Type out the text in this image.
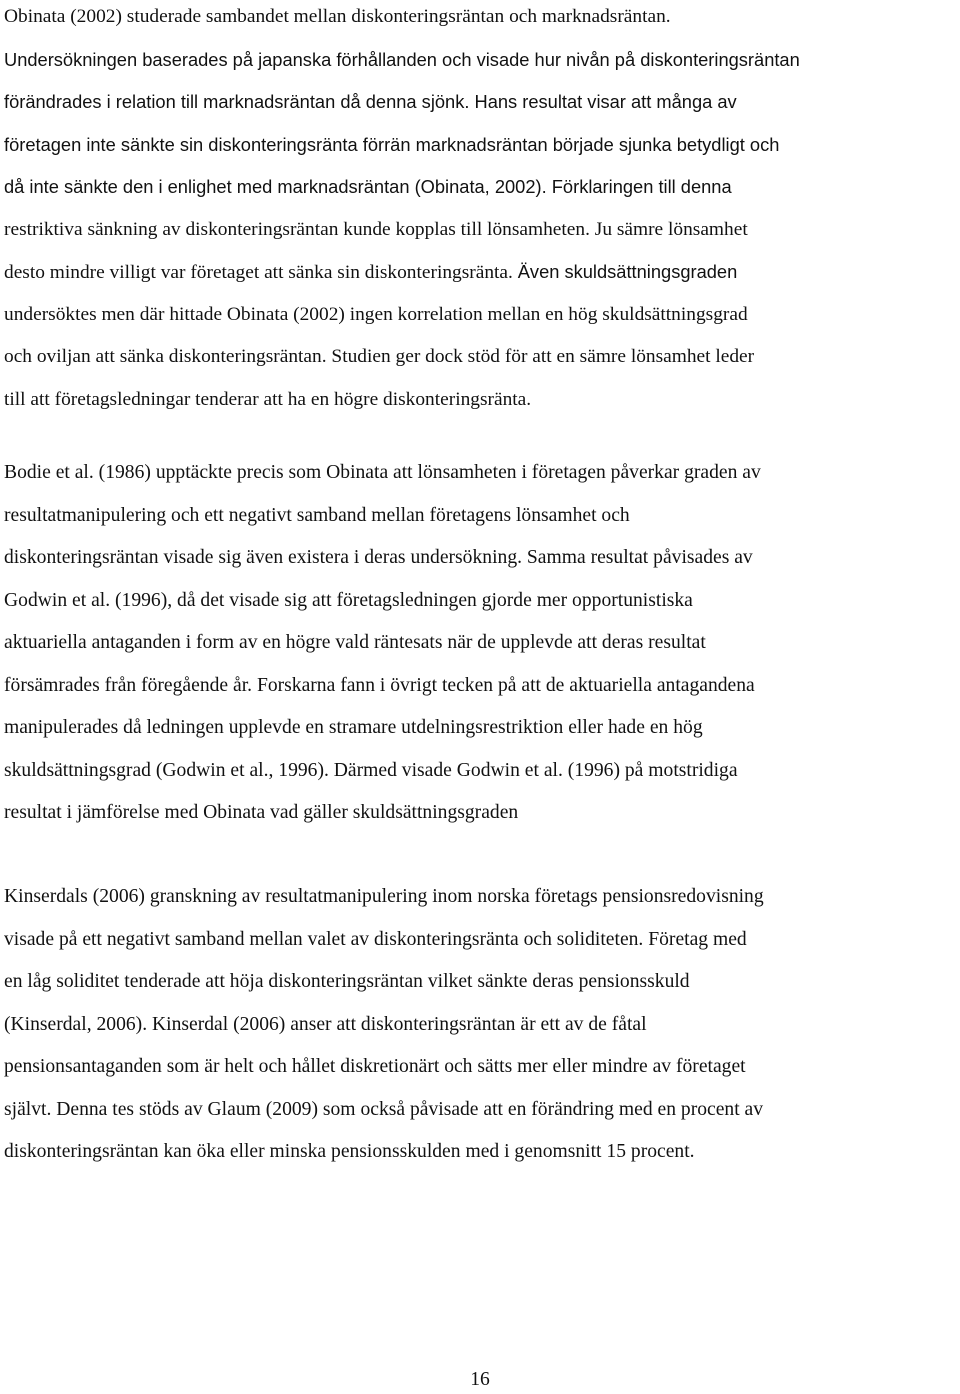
Obinata (2002) studerade sambandet mellan diskonteringsräntan och marknadsräntan.
Undersökningen baserades på japanska förhållanden och visade hur nivån på diskonteringsräntan
förändrades i relation till marknadsräntan då denna sjönk. Hans resultat visar att många av
företagen inte sänkte sin diskonteringsränta förrän marknadsräntan började sjunka betydligt och
då inte sänkte den i enlighet med marknadsräntan (Obinata, 2002). Förklaringen till denna
restriktiva sänkning av diskonteringsräntan kunde kopplas till lönsamheten. Ju sämre lönsamhet
desto mindre villigt var företaget att sänka sin diskonteringsränta. Även skuldsättningsgraden
undersöktes men där hittade Obinata (2002) ingen korrelation mellan en hög skuldsättningsgrad
och oviljan att sänka diskonteringsräntan. Studien ger dock stöd för att en sämre lönsamhet leder
till att företagsledningar tenderar att ha en högre diskonteringsränta.
Bodie et al. (1986) upptäckte precis som Obinata att lönsamheten i företagen påverkar graden av
resultatmanipulering och ett negativt samband mellan företagens lönsamhet och
diskonteringsräntan visade sig även existera i deras undersökning. Samma resultat påvisades av
Godwin et al. (1996), då det visade sig att företagsledningen gjorde mer opportunistiska
aktuariella antaganden i form av en högre vald räntesats när de upplevde att deras resultat
försämrades från föregående år. Forskarna fann i övrigt tecken på att de aktuariella antagandena
manipulerades då ledningen upplevde en stramare utdelningsrestriktion eller hade en hög
skuldsättningsgrad (Godwin et al., 1996). Därmed visade Godwin et al. (1996) på motstridiga
resultat i jämförelse med Obinata vad gäller skuldsättningsgraden
Kinserdals (2006) granskning av resultatmanipulering inom norska företags pensionsredovisning
visade på ett negativt samband mellan valet av diskonteringsränta och soliditeten. Företag med
en låg soliditet tenderade att höja diskonteringsräntan vilket sänkte deras pensionsskuld
(Kinserdal, 2006). Kinserdal (2006) anser att diskonteringsräntan är ett av de fåtal
pensionsantaganden som är helt och hållet diskretionärt och sätts mer eller mindre av företaget
självt. Denna tes stöds av Glaum (2009) som också påvisade att en förändring med en procent av
diskonteringsräntan kan öka eller minska pensionsskulden med i genomsnitt 15 procent.
16
